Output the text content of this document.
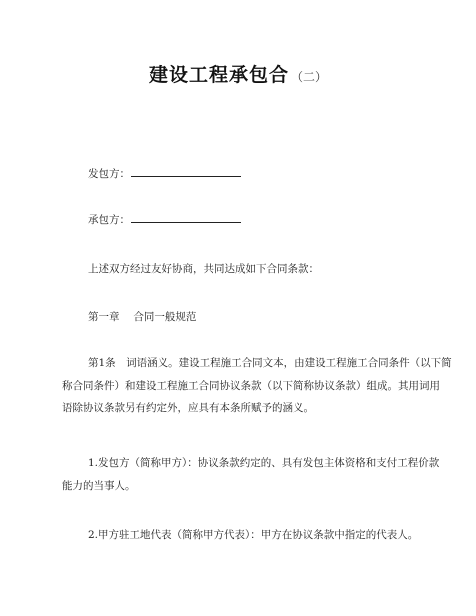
建设工程承包合 （二）
发包方：
承包方：
上述双方经过友好协商，共同达成如下合同条款：
第一章　 合同一般规范
第1条　词语涵义。建设工程施工合同文本，由建设工程施工合同条件（以下简
称合同条件）和建设工程施工合同协议条款（以下简称协议条款）组成。其用词用
语除协议条款另有约定外，应具有本条所赋予的涵义。
1.发包方（简称甲方）：协议条款约定的、具有发包主体资格和支付工程价款
能力的当事人。
2.甲方驻工地代表（简称甲方代表）：甲方在协议条款中指定的代表人。
